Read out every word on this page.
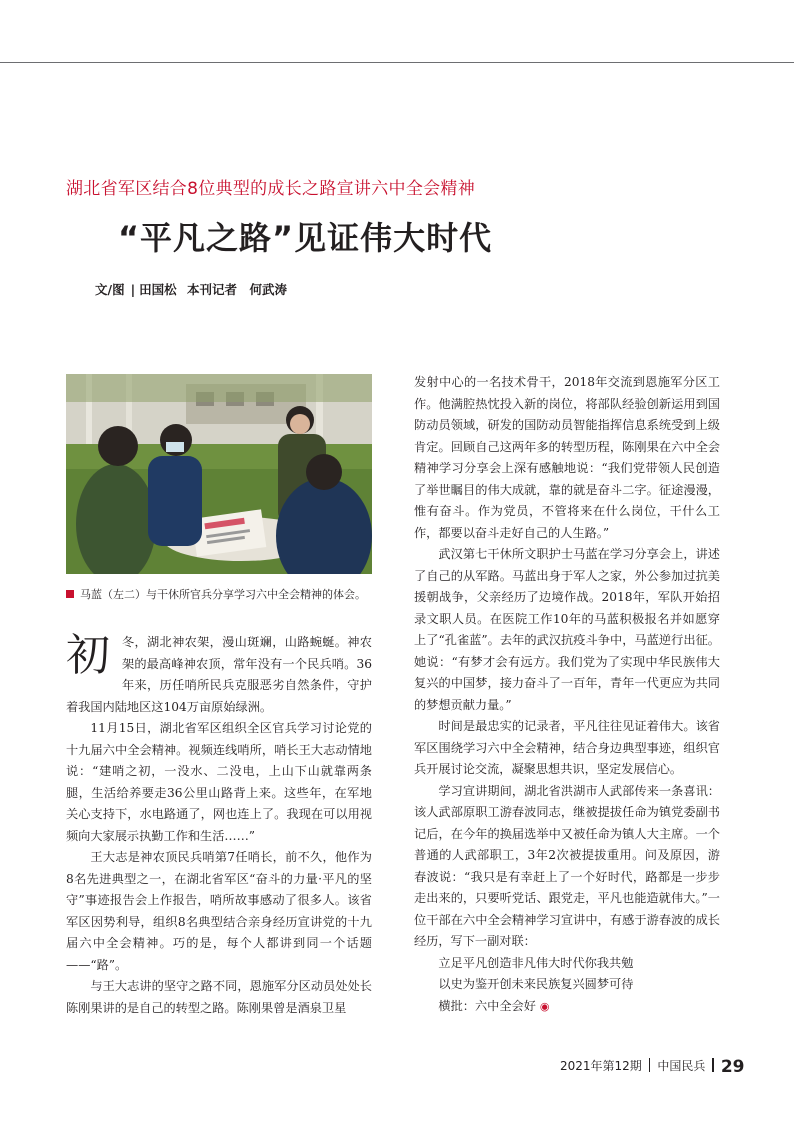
湖北省军区结合8位典型的成长之路宣讲六中全会精神
“平凡之路”见证伟大时代
文/图 | 田国松 本刊记者　何武涛
马蓝（左二）与干休所官兵分享学习六中全会精神的体会。

初冬，湖北神农架，漫山斑斓，山路蜿蜒。神农架的最高峰神农顶，常年没有一个民兵哨。36年来，历任哨所民兵克服恶劣自然条件，守护着我国内陆地区这104万亩原始绿洲。

11月15日，湖北省军区组织全区官兵学习讨论党的十九届六中全会精神。视频连线哨所，哨长王大志动情地说：“建哨之初，一没水、二没电，上山下山就靠两条腿，生活给养要走36公里山路背上来。这些年，在军地关心支持下，水电路通了，网也连上了。我现在可以用视频向大家展示执勤工作和生活……”

王大志是神农顶民兵哨第7任哨长，前不久，他作为8名先进典型之一，在湖北省军区“奋斗的力量·平凡的坚守”事迹报告会上作报告，哨所故事感动了很多人。该省军区因势利导，组织8名典型结合亲身经历宣讲党的十九届六中全会精神。巧的是，每个人都讲到同一个话题——“路”。

与王大志讲的坚守之路不同，恩施军分区动员处处长陈刚果讲的是自己的转型之路。陈刚果曾是酒泉卫星

发射中心的一名技术骨干，2018年交流到恩施军分区工作。他满腔热忱投入新的岗位，将部队经验创新运用到国防动员领域，研发的国防动员智能指挥信息系统受到上级肯定。回顾自己这两年多的转型历程，陈刚果在六中全会精神学习分享会上深有感触地说：“我们党带领人民创造了举世瞩目的伟大成就，靠的就是奋斗二字。征途漫漫，惟有奋斗。作为党员，不管将来在什么岗位，干什么工作，都要以奋斗走好自己的人生路。”

武汉第七干休所文职护士马蓝在学习分享会上，讲述了自己的从军路。马蓝出身于军人之家，外公参加过抗美援朝战争，父亲经历了边境作战。2018年，军队开始招录文职人员。在医院工作10年的马蓝积极报名并如愿穿上了“孔雀蓝”。去年的武汉抗疫斗争中，马蓝逆行出征。她说：“有梦才会有远方。我们党为了实现中华民族伟大复兴的中国梦，接力奋斗了一百年，青年一代更应为共同的梦想贡献力量。”

时间是最忠实的记录者，平凡往往见证着伟大。该省军区围绕学习六中全会精神，结合身边典型事迹，组织官兵开展讨论交流，凝聚思想共识，坚定发展信心。

学习宣讲期间，湖北省洪湖市人武部传来一条喜讯：该人武部原职工游春波同志，继被提拔任命为镇党委副书记后，在今年的换届选举中又被任命为镇人大主席。一个普通的人武部职工，3年2次被提拔重用。问及原因，游春波说：“我只是有幸赶上了一个好时代，路都是一步步走出来的，只要听党话、跟党走，平凡也能造就伟大。”一位干部在六中全会精神学习宣讲中，有感于游春波的成长经历，写下一副对联：

立足平凡创造非凡伟大时代你我共勉

以史为鉴开创未来民族复兴圆梦可待

横批：六中全会好 ◉

2021年第12期 中国民兵 29
